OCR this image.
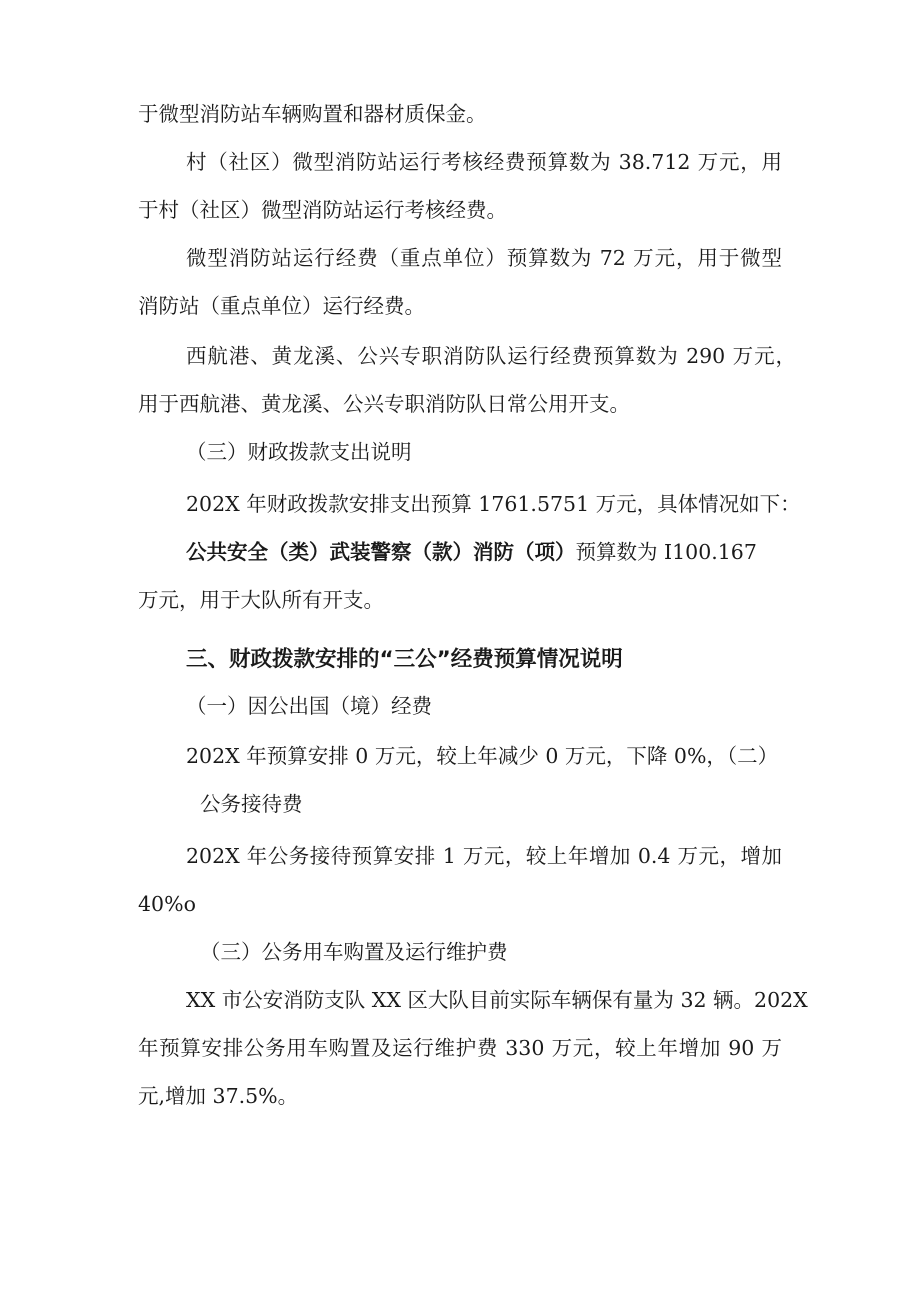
于微型消防站车辆购置和器材质保金。

村（社区）微型消防站运行考核经费预算数为 38.712 万元，用

于村（社区）微型消防站运行考核经费。

微型消防站运行经费（重点单位）预算数为 72 万元，用于微型

消防站（重点单位）运行经费。

西航港、黄龙溪、公兴专职消防队运行经费预算数为 290 万元，

用于西航港、黄龙溪、公兴专职消防队日常公用开支。

（三）财政拨款支出说明

202X 年财政拨款安排支出预算 1761.5751 万元，具体情况如下：

公共安全（类）武装警察（款）消防（项）预算数为 I100.167

万元，用于大队所有开支。

三、财政拨款安排的“三公”经费预算情况说明

（一）因公出国（境）经费

202X 年预算安排 0 万元，较上年减少 0 万元，下降 0%，（二）

公务接待费

202X 年公务接待预算安排 1 万元，较上年增加 0.4 万元，增加

40%o

（三）公务用车购置及运行维护费

XX 市公安消防支队 XX 区大队目前实际车辆保有量为 32 辆。202X

年预算安排公务用车购置及运行维护费 330 万元，较上年增加 90 万

元,增加 37.5%。
